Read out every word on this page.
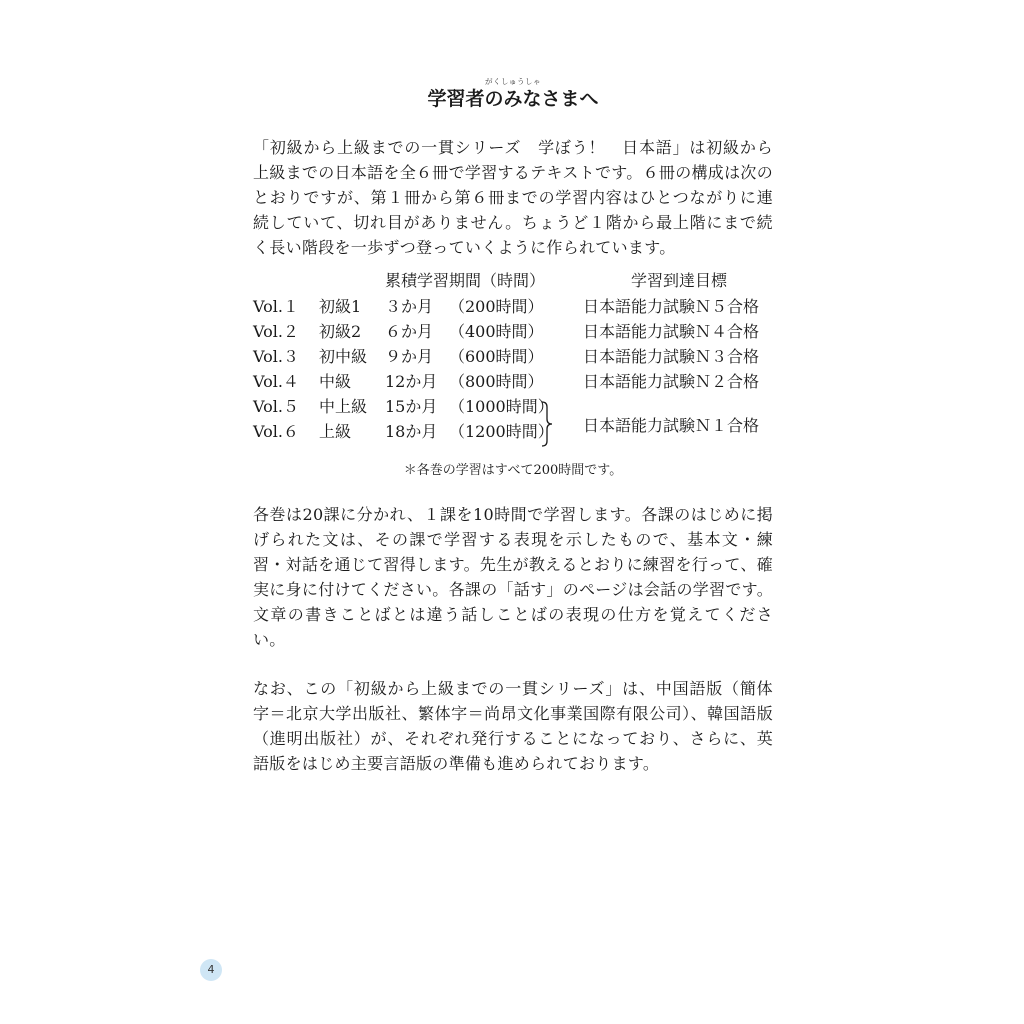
がくしゅうしゃ

学習者のみなさまへ

「初級から上級までの一貫シリーズ　学ぼう！　日本語」は初級から上級までの日本語を全６冊で学習するテキストです。６冊の構成は次のとおりですが、第１冊から第６冊までの学習内容はひとつながりに連続していて、切れ目がありません。ちょうど１階から最上階にまで続く長い階段を一歩ずつ登っていくように作られています。

累積学習期間（時間）	学習到達目標
Vol.１ 初級1 ３か月 （200時間） 日本語能力試験Ｎ５合格
Vol.２ 初級2 ６か月 （400時間） 日本語能力試験Ｎ４合格
Vol.３ 初中級 ９か月 （600時間） 日本語能力試験Ｎ３合格
Vol.４ 中級 12か月 （800時間） 日本語能力試験Ｎ２合格
Vol.５ 中上級 15か月 （1000時間）
Vol.６ 上級 18か月 （1200時間） 日本語能力試験Ｎ１合格

＊各巻の学習はすべて200時間です。

各巻は20課に分かれ、１課を10時間で学習します。各課のはじめに掲げられた文は、その課で学習する表現を示したもので、基本文・練習・対話を通じて習得します。先生が教えるとおりに練習を行って、確実に身に付けてください。各課の「話す」のページは会話の学習です。文章の書きことばとは違う話しことばの表現の仕方を覚えてください。

なお、この「初級から上級までの一貫シリーズ」は、中国語版（簡体字＝北京大学出版社、繁体字＝尚昂文化事業国際有限公司）、韓国語版（進明出版社）が、それぞれ発行することになっており、さらに、英語版をはじめ主要言語版の準備も進められております。

4
